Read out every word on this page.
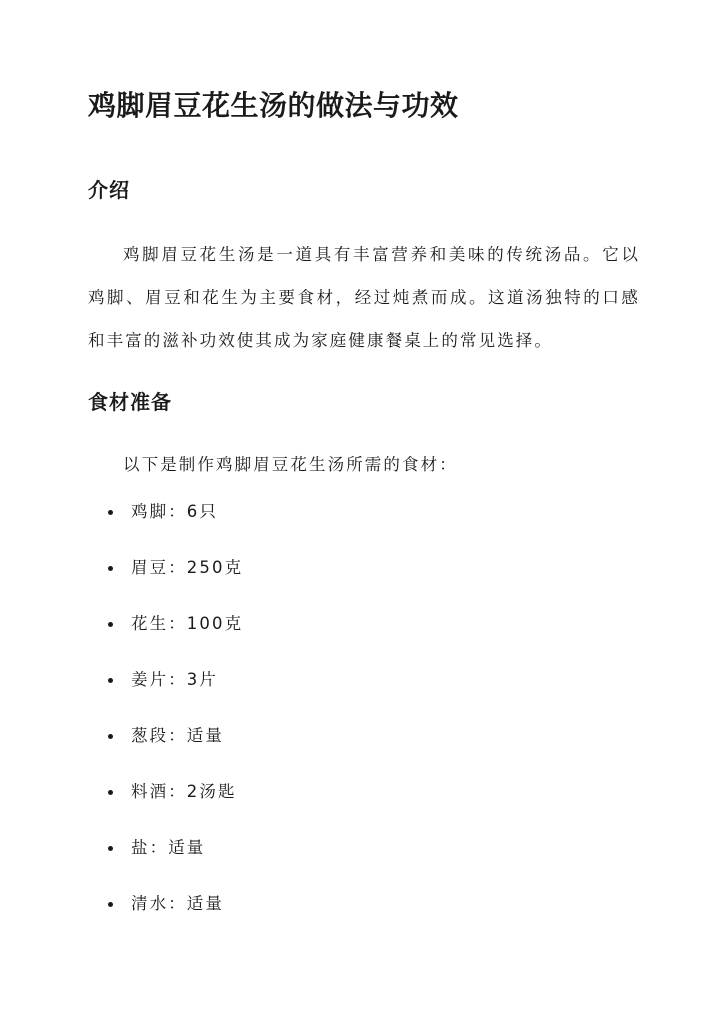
鸡脚眉豆花生汤的做法与功效
介绍

鸡脚眉豆花生汤是一道具有丰富营养和美味的传统汤品。它以鸡脚、眉豆和花生为主要食材，经过炖煮而成。这道汤独特的口感和丰富的滋补功效使其成为家庭健康餐桌上的常见选择。

食材准备

以下是制作鸡脚眉豆花生汤所需的食材：

鸡脚：6只
眉豆：250克
花生：100克
姜片：3片
葱段：适量
料酒：2汤匙
盐：适量
清水：适量
